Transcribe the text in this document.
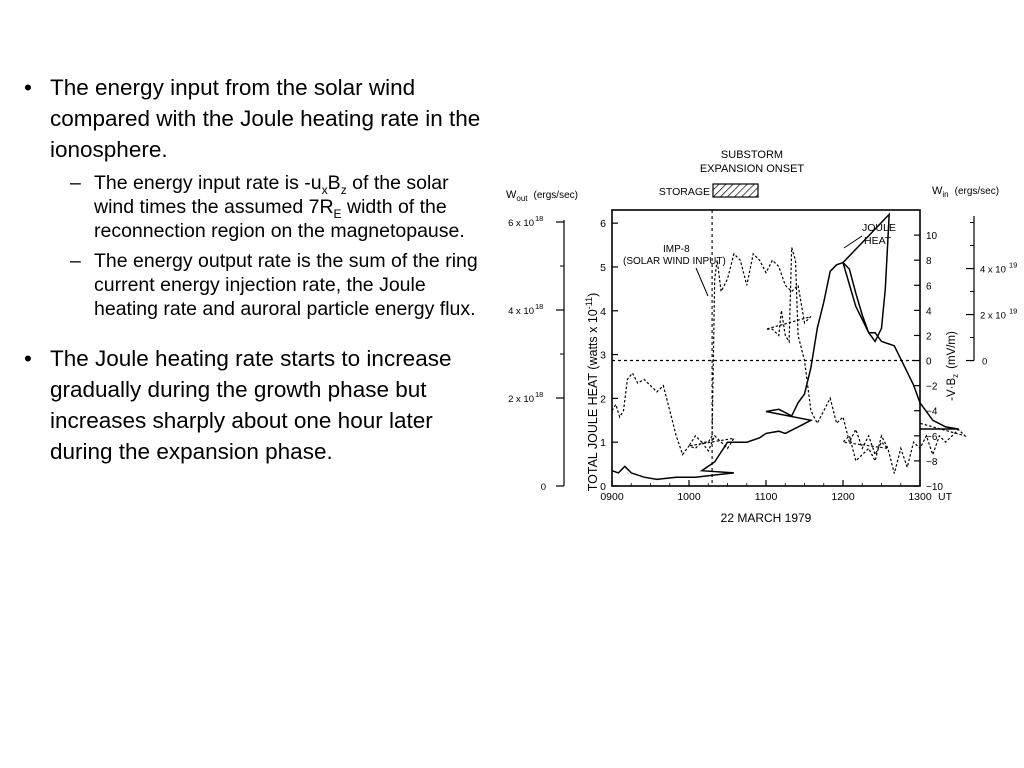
• The energy input from the solar wind compared with the Joule heating rate in the ionosphere.
– The energy input rate is $-u_xB_z$ of the solar wind times the assumed $7R_E$ width of the reconnection region on the magnetopause.
– The energy output rate is the sum of the ring current energy injection rate, the Joule heating rate and auroral particle energy flux.
• The Joule heating rate starts to increase gradually during the growth phase but increases sharply about one hour later during the expansion phase.
SUBSTORM
EXPANSION ONSET
STORAGE
$W_{out}$ (ergs/sec)	$W_{in}$ (ergs/sec)
TOTAL JOULE HEAT (watts x $10^{-11}$)
$-V\cdot B_z(mV/m)$
JOULE
HEAT
IMP-8
(SOLAR WIND INPUT)
22 MARCH 1979
0
1
2
3
4
5
6
0
2 x 10 18
4 x 10 18
6 x 10 18
−10
−8
−6
−4
−2
0
2
4
6
8
10
0
2 x 10 19
4 x 10 19
0900	1000	1100	1200	1300 UT
